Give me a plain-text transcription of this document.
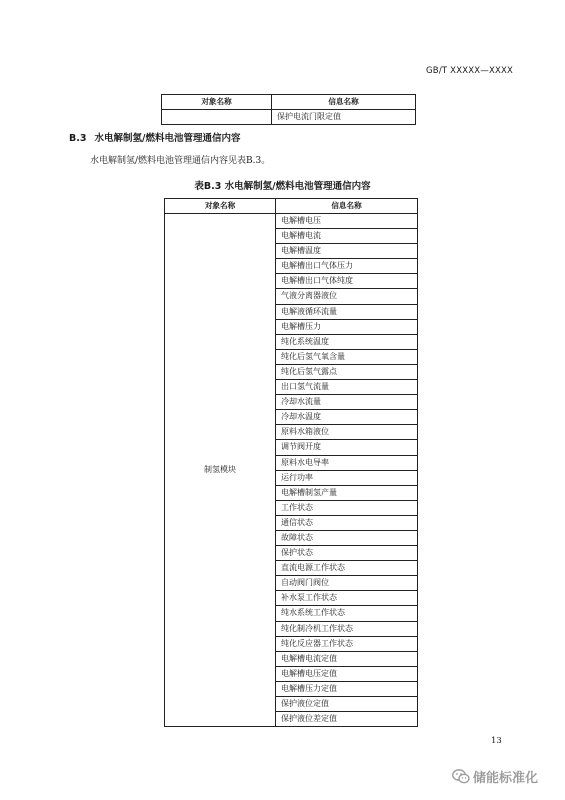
GB/T XXXXX—XXXX
对象名称	信息名称
	保护电流门限定值
B.3 水电解制氢/燃料电池管理通信内容
水电解制氢/燃料电池管理通信内容见表B.3。
表B.3 水电解制氢/燃料电池管理通信内容
对象名称	信息名称
制氢模块	电解槽电压
	电解槽电流
	电解槽温度
	电解槽出口气体压力
	电解槽出口气体纯度
	气液分离器液位
	电解液循环流量
	电解槽压力
	纯化系统温度
	纯化后氢气氧含量
	纯化后氢气露点
	出口氢气流量
	冷却水流量
	冷却水温度
	原料水箱液位
	调节阀开度
	原料水电导率
	运行功率
	电解槽制氢产量
	工作状态
	通信状态
	故障状态
	保护状态
	直流电源工作状态
	自动阀门阀位
	补水泵工作状态
	纯水系统工作状态
	纯化制冷机工作状态
	纯化反应器工作状态
	电解槽电流定值
	电解槽电压定值
	电解槽压力定值
	保护液位定值
	保护液位差定值
13
储能标准化
